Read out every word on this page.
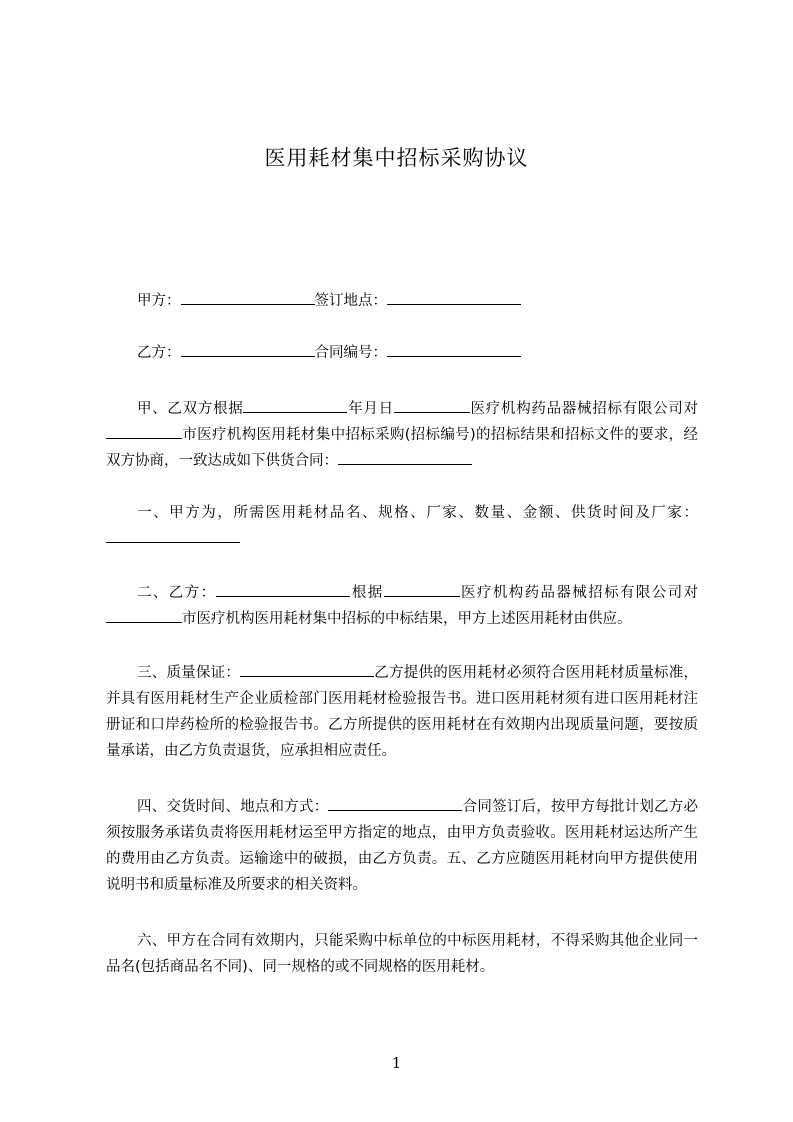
医用耗材集中招标采购协议
甲方：	签订地点：
乙方：	合同编号：
甲、乙双方根据	年月日	医疗机构药品器械招标有限公司对市医疗机构医用耗材集中招标采购(招标编号)的招标结果和招标文件的要求，经双方协商，一致达成如下供货合同：
一、甲方为，所需医用耗材品名、规格、厂家、数量、金额、供货时间及厂家：
二、乙方：	根据	医疗机构药品器械招标有限公司对市医疗机构医用耗材集中招标的中标结果，甲方上述医用耗材由供应。
三、质量保证：	乙方提供的医用耗材必须符合医用耗材质量标准，并具有医用耗材生产企业质检部门医用耗材检验报告书。进口医用耗材须有进口医用耗材注册证和口岸药检所的检验报告书。乙方所提供的医用耗材在有效期内出现质量问题，要按质量承诺，由乙方负责退货，应承担相应责任。
四、交货时间、地点和方式：	合同签订后，按甲方每批计划乙方必须按服务承诺负责将医用耗材运至甲方指定的地点，由甲方负责验收。医用耗材运达所产生的费用由乙方负责。运输途中的破损，由乙方负责。五、乙方应随医用耗材向甲方提供使用说明书和质量标准及所要求的相关资料。
六、甲方在合同有效期内，只能采购中标单位的中标医用耗材，不得采购其他企业同一品名(包括商品名不同)、同一规格的或不同规格的医用耗材。
1
